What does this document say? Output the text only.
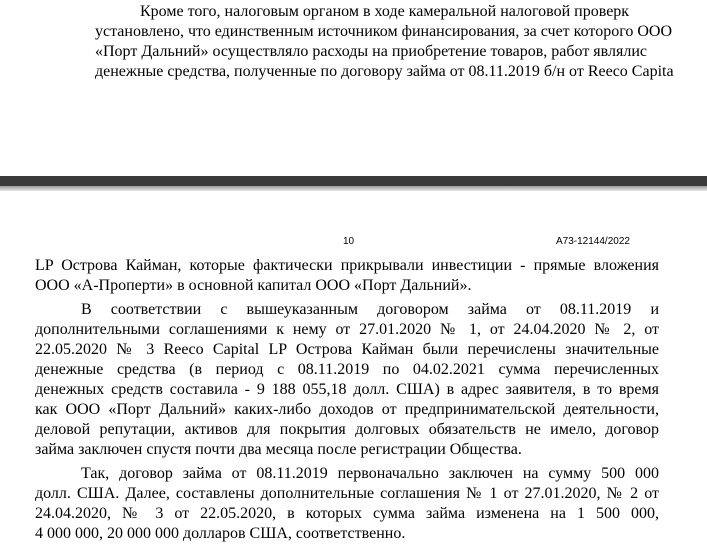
Кроме того, налоговым органом в ходе камеральной налоговой проверк
установлено, что единственным источником финансирования, за счет которого ООО
«Порт Дальний» осуществляло расходы на приобретение товаров, работ являлис
денежные средства, полученные по договору займа от 08.11.2019 б/н от Reeco Capita
10	А73-12144/2022
LP Острова Кайман, которые фактически прикрывали инвестиции - прямые вложения
ООО «А-Проперти» в основной капитал ООО «Порт Дальний».
В соответствии с вышеуказанным договором займа от 08.11.2019 и
дополнительными соглашениями к нему от 27.01.2020 № 1, от 24.04.2020 № 2, от
22.05.2020 № 3 Reeco Capital LP Острова Кайман были перечислены значительные
денежные средства (в период с 08.11.2019 по 04.02.2021 сумма перечисленных
денежных средств составила - 9 188 055,18 долл. США) в адрес заявителя, в то время
как ООО «Порт Дальний» каких-либо доходов от предпринимательской деятельности,
деловой репутации, активов для покрытия долговых обязательств не имело, договор
займа заключен спустя почти два месяца после регистрации Общества.
Так, договор займа от 08.11.2019 первоначально заключен на сумму 500 000
долл. США. Далее, составлены дополнительные соглашения № 1 от 27.01.2020, № 2 от
24.04.2020, № 3 от 22.05.2020, в которых сумма займа изменена на 1 500 000,
4 000 000, 20 000 000 долларов США, соответственно.
